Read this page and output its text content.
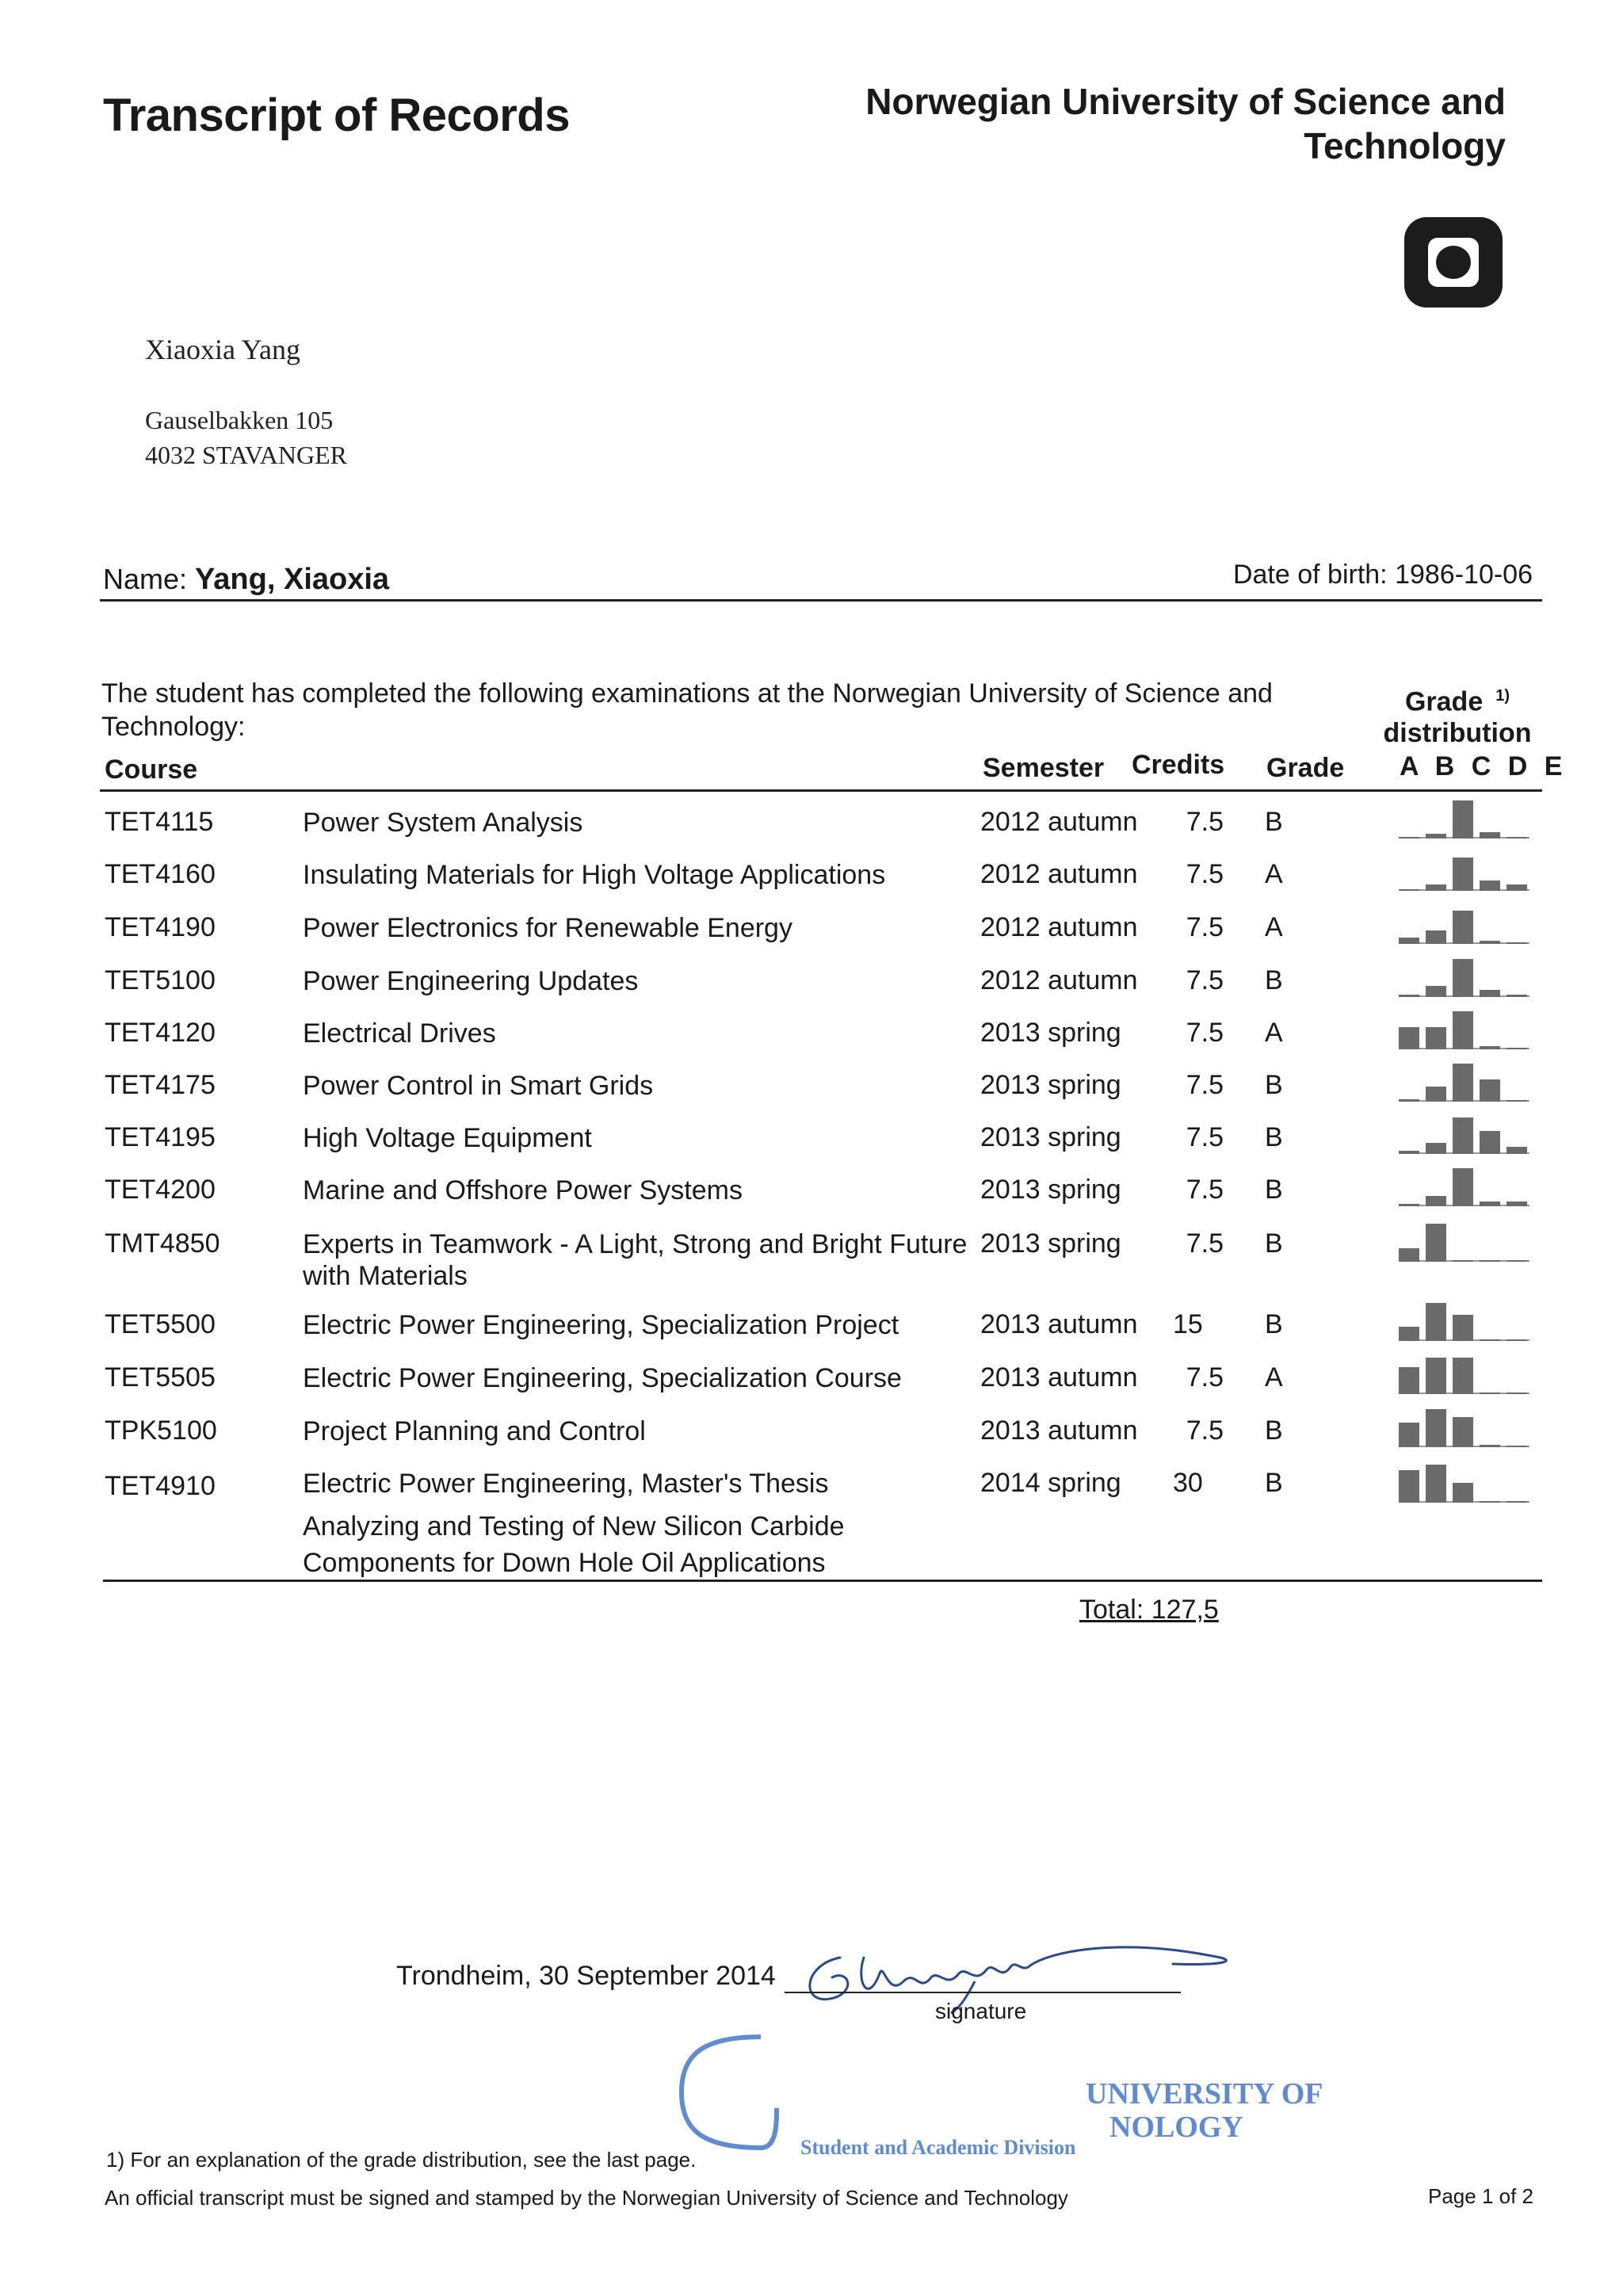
Transcript of Records	Norwegian University of Science and
Technology
Xiaoxia Yang
Gauselbakken 105
4032 STAVANGER
Name: Yang, Xiaoxia	Date of birth: 1986-10-06
The student has completed the following examinations at the Norwegian University of Science and
Technology:
Grade $^{1)}$
distribution
Course	Semester Credits Grade A B C D E
TET4115	Power System Analysis	2012 autumn	7.5 B
TET4160	Insulating Materials for High Voltage Applications	2012 autumn	7.5 A
TET4190	Power Electronics for Renewable Energy	2012 autumn	7.5 A
TET5100	Power Engineering Updates	2012 autumn	7.5 B
TET4120	Electrical Drives	2013 spring	7.5 A
TET4175	Power Control in Smart Grids	2013 spring	7.5 B
TET4195	High Voltage Equipment	2013 spring	7.5 B
TET4200	Marine and Offshore Power Systems	2013 spring	7.5 B
TMT4850	Experts in Teamwork - A Light, Strong and Bright Future with Materials
2013 spring	7.5 B
TET5500	Electric Power Engineering, Specialization Project	2013 autumn 15	B
TET5505	Electric Power Engineering, Specialization Course	2013 autumn	7.5 A
TPK5100	Project Planning and Control	2013 autumn	7.5 B
TET4910	Electric Power Engineering, Master's Thesis
Analyzing and Testing of New Silicon Carbide
Components for Down Hole Oil Applications
2014 spring 30	B
Total: 127,5
Trondheim, 30 September 2014
signature
UNIVERSITY OF
NOLOGY
Student and Academic Division
1) For an explanation of the grade distribution, see the last page.
An official transcript must be signed and stamped by the Norwegian University of Science and Technology	Page 1 of 2
